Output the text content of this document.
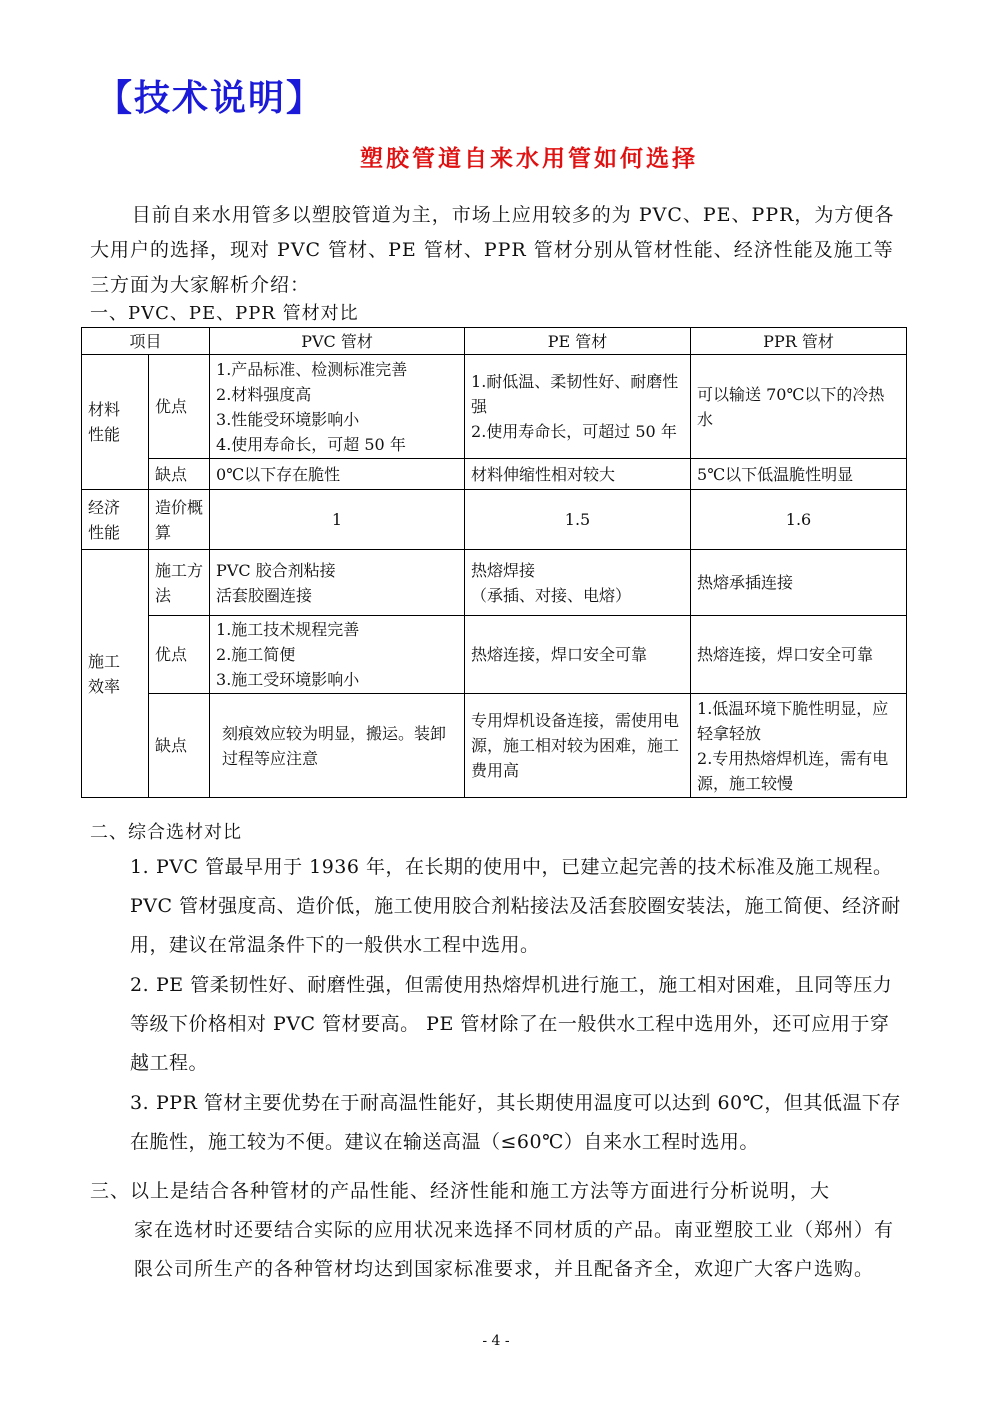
【技术说明】
塑胶管道自来水用管如何选择

目前自来水用管多以塑胶管道为主，市场上应用较多的为 PVC、PE、PPR，为方便各大用户的选择，现对 PVC 管材、PE 管材、PPR 管材分别从管材性能、经济性能及施工等三方面为大家解析介绍：

一、PVC、PE、PPR 管材对比

项目		PVC 管材	PE 管材	PPR 管材
材料性能	优点	1.产品标准、检测标准完善
2.材料强度高
3.性能受环境影响小
4.使用寿命长，可超 50 年	1.耐低温、柔韧性好、耐磨性强
2.使用寿命长，可超过 50 年	可以输送 70℃以下的冷热水
	缺点	0℃以下存在脆性	材料伸缩性相对较大	5℃以下低温脆性明显
经济性能	造价概算	1	1.5	1.6
施工效率	施工方法	PVC 胶合剂粘接
活套胶圈连接	热熔焊接
（承插、对接、电熔）	热熔承插连接
	优点	1.施工技术规程完善
2.施工简便
3.施工受环境影响小	热熔连接，焊口安全可靠	热熔连接，焊口安全可靠
	缺点	刻痕效应较为明显，搬运。装卸过程等应注意	专用焊机设备连接，需使用电源，施工相对较为困难，施工费用高	1.低温环境下脆性明显，应轻拿轻放
2.专用热熔焊机连，需有电源，施工较慢

二、综合选材对比

1. PVC 管最早用于 1936 年，在长期的使用中，已建立起完善的技术标准及施工规程。PVC 管材强度高、造价低，施工使用胶合剂粘接法及活套胶圈安装法，施工简便、经济耐用，建议在常温条件下的一般供水工程中选用。
2. PE 管柔韧性好、耐磨性强，但需使用热熔焊机进行施工，施工相对困难，且同等压力等级下价格相对 PVC 管材要高。 PE 管材除了在一般供水工程中选用外，还可应用于穿越工程。
3. PPR 管材主要优势在于耐高温性能好，其长期使用温度可以达到 60℃，但其低温下存在脆性，施工较为不便。建议在输送高温（≤60℃）自来水工程时选用。

三、以上是结合各种管材的产品性能、经济性能和施工方法等方面进行分析说明，大
家在选材时还要结合实际的应用状况来选择不同材质的产品。南亚塑胶工业（郑州）有限公司所生产的各种管材均达到国家标准要求，并且配备齐全，欢迎广大客户选购。

- 4 -
